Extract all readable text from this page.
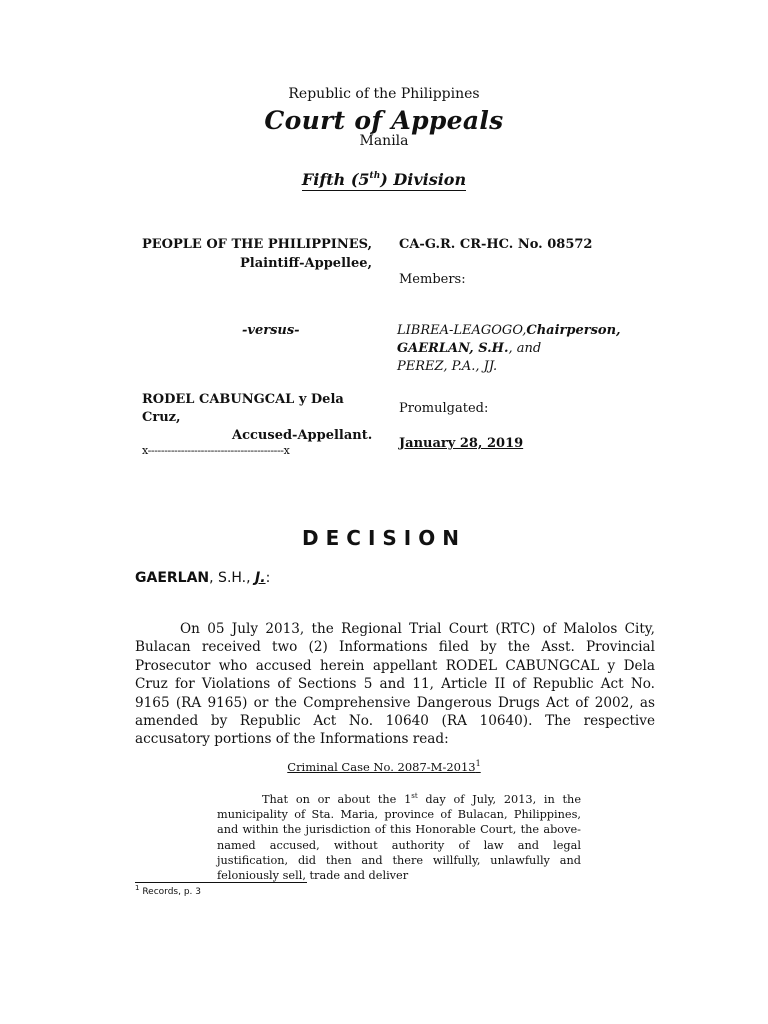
Republic of the Philippines
Court of Appeals
Manila
Fifth (5th) Division
PEOPLE OF THE PHILIPPINES,
Plaintiff-Appellee,
-versus-
RODEL CABUNGCAL y Dela
Cruz,
Accused-Appellant.
x-----------------------------------------x
CA-G.R. CR-HC. No. 08572
Members:
LIBREA-LEAGOGO,Chairperson,
GAERLAN, S.H., and
PEREZ, P.A., JJ.
Promulgated:
January 28, 2019
DECISION
GAERLAN, S.H., J.:

On 05 July 2013, the Regional Trial Court (RTC) of Malolos City, Bulacan received two (2) Informations filed by the Asst. Provincial Prosecutor who accused herein appellant RODEL CABUNGCAL y Dela Cruz for Violations of Sections 5 and 11, Article II of Republic Act No. 9165 (RA 9165) or the Comprehensive Dangerous Drugs Act of 2002, as amended by Republic Act No. 10640 (RA 10640). The respective accusatory portions of the Informations read:

Criminal Case No. 2087-M-2013$^1$

That on or about the 1st day of July, 2013, in the municipality of Sta. Maria, province of Bulacan, Philippines, and within the jurisdiction of this Honorable Court, the above-named accused, without authority of law and legal justification, did then and there willfully, unlawfully and feloniously sell, trade and deliver

$^1$ Records, p. 3
